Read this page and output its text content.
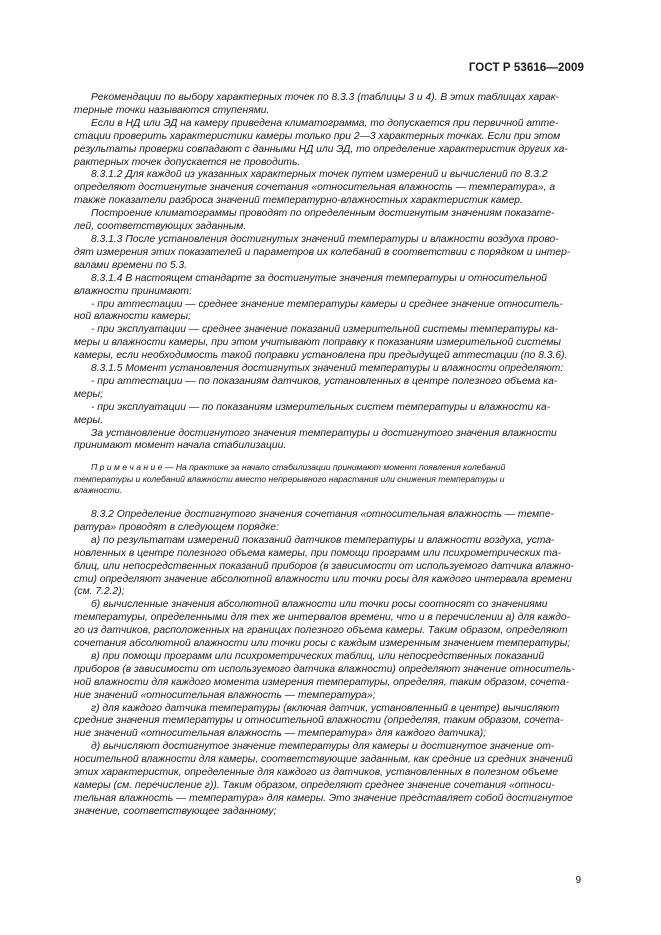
ГОСТ Р 53616—2009

Рекомендации по выбору характерных точек по 8.3.3 (таблицы 3 и 4). В этих таблицах харак-
терные точки называются ступенями.

Если в НД или ЭД на камеру приведена климатограмма, то допускается при первичной атте-
стации проверить характеристики камеры только при 2—3 характерных точках. Если при этом
результаты проверки совпадают с данными НД или ЭД, то определение характеристик других ха-
рактерных точек допускается не проводить.

8.3.1.2 Для каждой из указанных характерных точек путем измерений и вычислений по 8.3.2
определяют достигнутые значения сочетания «относительная влажность — температура», а
также показатели разброса значений температурно-влажностных характеристик камер.

Построение климатограммы проводят по определенным достигнутым значениям показате-
лей, соответствующих заданным.

8.3.1.3 После установления достигнутых значений температуры и влажности воздуха прово-
дят измерения этих показателей и параметров их колебаний в соответствии с порядком и интер-
валами времени по 5.3.

8.3.1.4 В настоящем стандарте за достигнутые значения температуры и относительной
влажности принимают:

- при аттестации — среднее значение температуры камеры и среднее значение относитель-
ной влажности камеры;

- при эксплуатации — среднее значение показаний измерительной системы температуры ка-
меры и влажности камеры, при этом учитывают поправку к показаниям измерительной системы
камеры, если необходимость такой поправки установлена при предыдущей аттестации (по 8.3.6).

8.3.1.5 Момент установления достигнутых значений температуры и влажности определяют:

- при аттестации — по показаниям датчиков, установленных в центре полезного объема ка-
меры;

- при эксплуатации — по показаниям измерительных систем температуры и влажности ка-
меры.

За установление достигнутого значения температуры и достигнутого значения влажности
принимают момент начала стабилизации.

П р и м е ч а н и е — На практике за начало стабилизации принимают момент появления колебаний
температуры и колебаний влажности вместо непрерывного нарастания или снижения температуры и
влажности.

8.3.2 Определение достигнутого значения сочетания «относительная влажность — темпе-
ратура» проводят в следующем порядке:

а) по результатам измерений показаний датчиков температуры и влажности воздуха, уста-
новленных в центре полезного объема камеры, при помощи программ или психрометрических та-
блиц, или непосредственных показаний приборов (в зависимости от используемого датчика влажно-
сти) определяют значение абсолютной влажности или точки росы для каждого интервала времени
(см. 7.2.2);

б) вычисленные значения абсолютной влажности или точки росы соотносят со значениями
температуры, определенными для тех же интервалов времени, что и в перечислении а) для каждо-
го из датчиков, расположенных на границах полезного объема камеры. Таким образом, определяют
сочетания абсолютной влажности или точки росы с каждым измеренным значением температуры;

в) при помощи программ или психрометрических таблиц, или непосредственных показаний
приборов (в зависимости от используемого датчика влажности) определяют значение относитель-
ной влажности для каждого момента измерения температуры, определяя, таким образом, сочета-
ние значений «относительная влажность — температура»;

г) для каждого датчика температуры (включая датчик, установленный в центре) вычисляют
средние значения температуры и относительной влажности (определяя, таким образом, сочета-
ние значений «относительная влажность — температура» для каждого датчика);

д) вычисляют достигнутое значение температуры для камеры и достигнутое значение от-
носительной влажности для камеры, соответствующие заданным, как средние из средних значений
этих характеристик, определенные для каждого из датчиков, установленных в полезном объеме
камеры (см. перечисление г)). Таким образом, определяют среднее значение сочетания «относи-
тельная влажность — температура» для камеры. Это значение представляет собой достигнутое
значение, соответствующее заданному;

9
